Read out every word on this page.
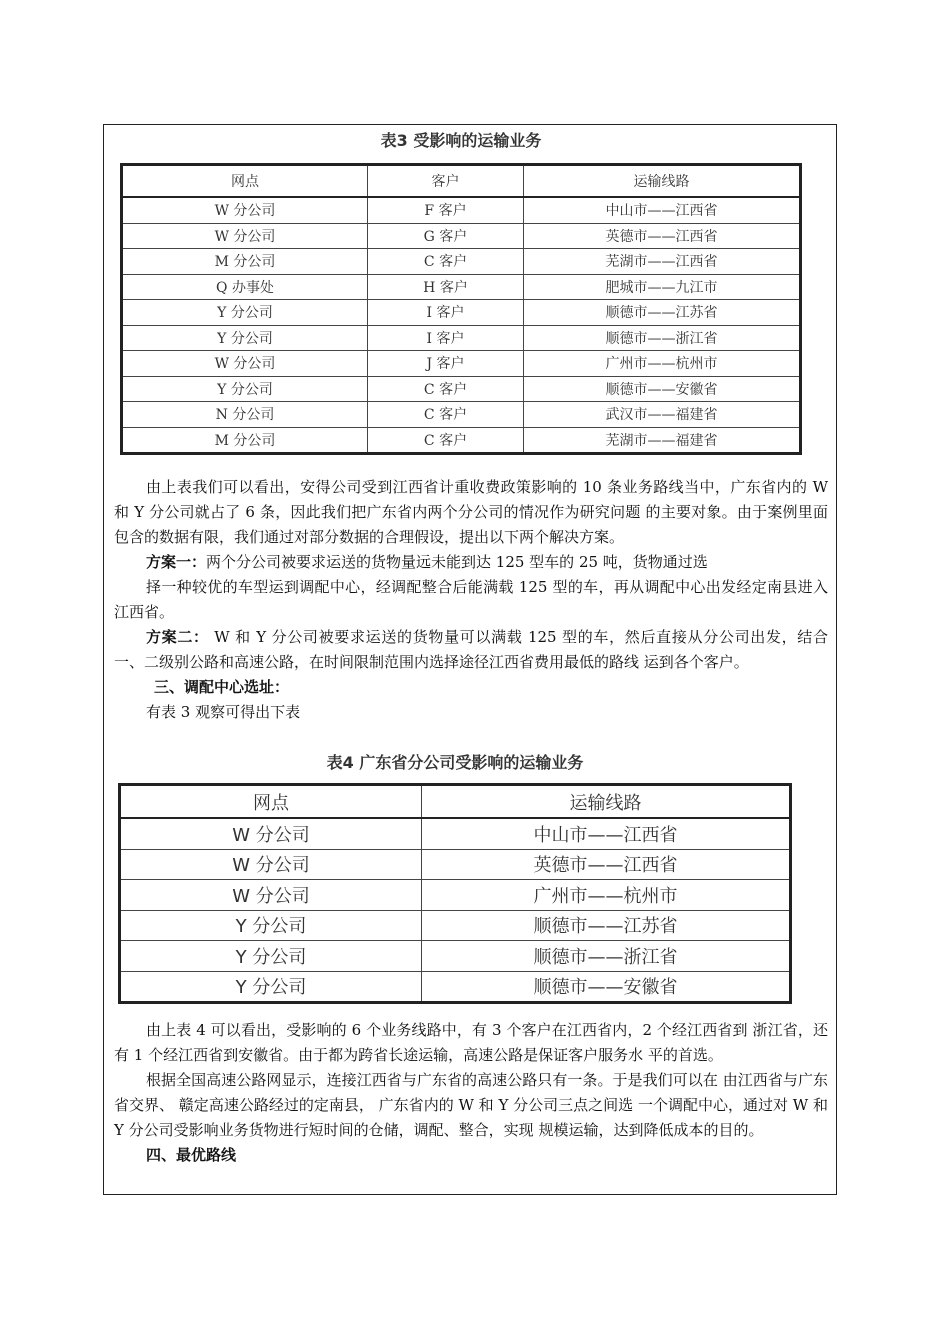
表3 受影响的运输业务
网点	客户	运输线路
W 分公司	F 客户	中山市——江西省
W 分公司	G 客户	英德市——江西省
M 分公司	C 客户	芜湖市——江西省
Q 办事处	H 客户	肥城市——九江市
Y 分公司	I 客户	顺德市——江苏省
Y 分公司	I 客户	顺德市——浙江省
W 分公司	J 客户	广州市——杭州市
Y 分公司	C 客户	顺德市——安徽省
N 分公司	C 客户	武汉市——福建省
M 分公司	C 客户	芜湖市——福建省

由上表我们可以看出，安得公司受到江西省计重收费政策影响的 10 条业务路线当中，广东省内的 W 和 Y 分公司就占了 6 条，因此我们把广东省内两个分公司的情况作为研究问题 的主要对象。由于案例里面包含的数据有限，我们通过对部分数据的合理假设，提出以下两个解决方案。

方案一：两个分公司被要求运送的货物量远未能到达 125 型车的 25 吨，货物通过选

择一种较优的车型运到调配中心，经调配整合后能满载 125 型的车，再从调配中心出发经定南县进入江西省。

方案二： W 和 Y 分公司被要求运送的货物量可以满载 125 型的车，然后直接从分公司出发，结合一、二级别公路和高速公路，在时间限制范围内选择途径江西省费用最低的路线 运到各个客户。

三、调配中心选址：

有表 3 观察可得出下表

表4 广东省分公司受影响的运输业务
网点	运输线路
W 分公司	中山市——江西省
W 分公司	英德市——江西省
W 分公司	广州市——杭州市
Y 分公司	顺德市——江苏省
Y 分公司	顺德市——浙江省
Y 分公司	顺德市——安徽省

由上表 4 可以看出，受影响的 6 个业务线路中，有 3 个客户在江西省内，2 个经江西省到 浙江省，还有 1 个经江西省到安徽省。由于都为跨省长途运输，高速公路是保证客户服务水 平的首选。

根据全国高速公路网显示，连接江西省与广东省的高速公路只有一条。于是我们可以在 由江西省与广东省交界、 赣定高速公路经过的定南县， 广东省内的 W 和 Y 分公司三点之间选 一个调配中心，通过对 W 和 Y 分公司受影响业务货物进行短时间的仓储，调配、整合，实现 规模运输，达到降低成本的目的。

四、最优路线
